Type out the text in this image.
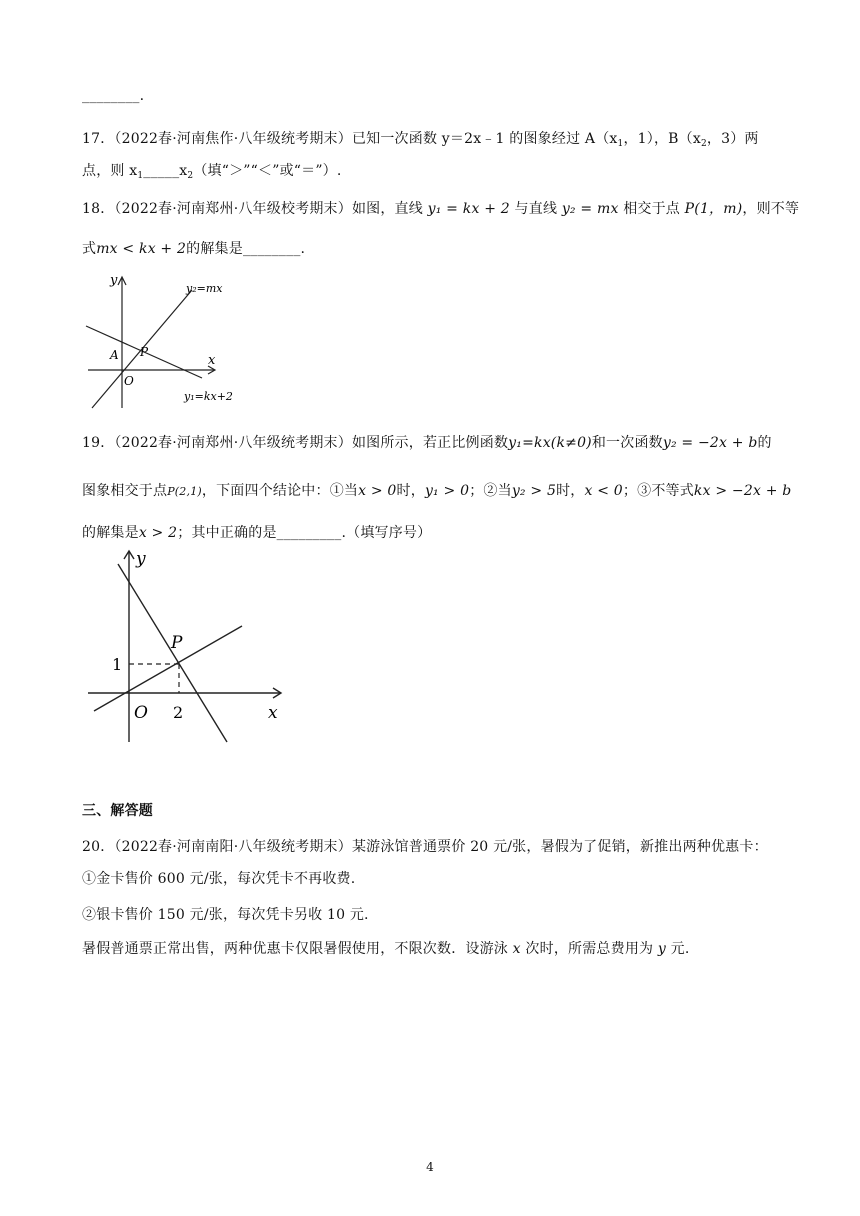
________.
17．（2022春·河南焦作·八年级统考期末）已知一次函数 y＝2x﹣1 的图象经过 $A(x_1$，1），$B(x_2$，3）两
点，则 $x_1\_\_\_\_\_x_2$（填“＞”“＜”或“＝”）.
18．（2022春·河南郑州·八年级校考期末）如图，直线 y₁ = kx + 2 与直线 y₂ = mx 相交于点 P(1，m)，则不等
式mx < kx + 2的解集是________.
y
x
O
A P
y₂=mx
y₁=kx+2
19．（2022春·河南郑州·八年级统考期末）如图所示，若正比例函数y₁=kx(k≠0)和一次函数y₂ = −2x + b的
图象相交于点P(2,1)，下面四个结论中：①当x > 0时，y₁ > 0；②当y₂ > 5时，x < 0；③不等式kx > −2x + b
的解集是x > 2；其中正确的是_________.（填写序号）
y
x
O
P
1
2
三、解答题
20．（2022春·河南南阳·八年级统考期末）某游泳馆普通票价 20 元/张，暑假为了促销，新推出两种优惠卡：
①金卡售价 600 元/张，每次凭卡不再收费.
②银卡售价 150 元/张，每次凭卡另收 10 元.
暑假普通票正常出售，两种优惠卡仅限暑假使用，不限次数．设游泳 x 次时，所需总费用为 y 元.
4
